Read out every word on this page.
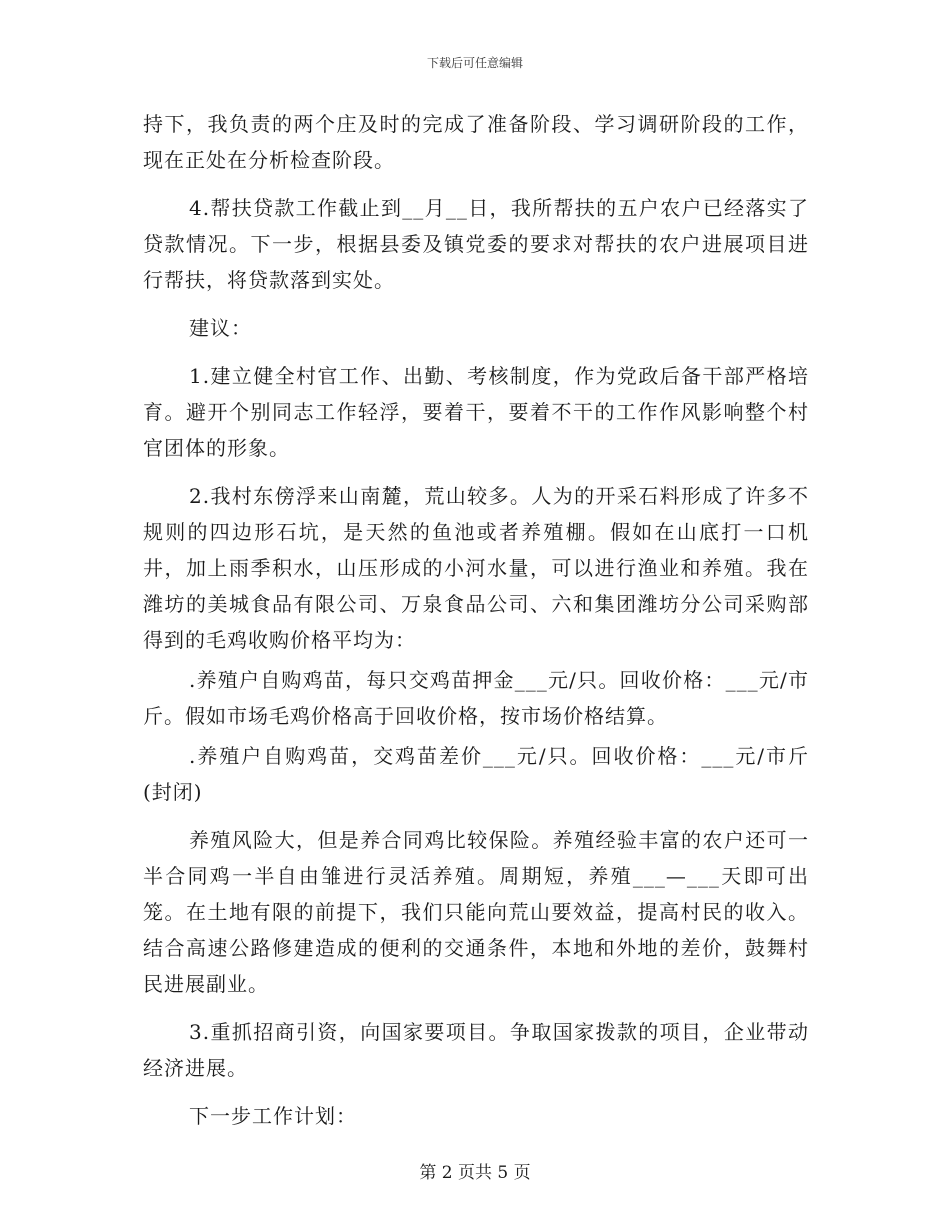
下载后可任意编辑

持下，我负责的两个庄及时的完成了准备阶段、学习调研阶段的工作，现在正处在分析检查阶段。

4.帮扶贷款工作截止到__月__日，我所帮扶的五户农户已经落实了贷款情况。下一步，根据县委及镇党委的要求对帮扶的农户进展项目进行帮扶，将贷款落到实处。

建议：

1.建立健全村官工作、出勤、考核制度，作为党政后备干部严格培育。避开个别同志工作轻浮，要着干，要着不干的工作作风影响整个村官团体的形象。

2.我村东傍浮来山南麓，荒山较多。人为的开采石料形成了许多不规则的四边形石坑，是天然的鱼池或者养殖棚。假如在山底打一口机井，加上雨季积水，山压形成的小河水量，可以进行渔业和养殖。我在潍坊的美城食品有限公司、万泉食品公司、六和集团潍坊分公司采购部得到的毛鸡收购价格平均为：

.养殖户自购鸡苗，每只交鸡苗押金___元/只。回收价格：___元/市斤。假如市场毛鸡价格高于回收价格，按市场价格结算。

.养殖户自购鸡苗，交鸡苗差价___元/只。回收价格：___元/市斤(封闭)

养殖风险大，但是养合同鸡比较保险。养殖经验丰富的农户还可一半合同鸡一半自由雏进行灵活养殖。周期短，养殖___—___天即可出笼。在土地有限的前提下，我们只能向荒山要效益，提高村民的收入。结合高速公路修建造成的便利的交通条件，本地和外地的差价，鼓舞村民进展副业。

3.重抓招商引资，向国家要项目。争取国家拨款的项目，企业带动经济进展。

下一步工作计划：

第 2 页共 5 页
